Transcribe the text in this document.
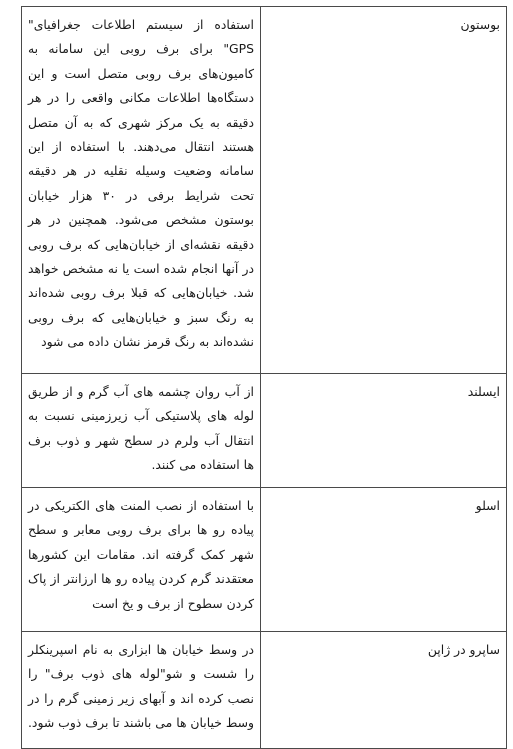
بوستون	استفاده از سیستم اطلاعات جغرافیای" GPS" برای برف روبی این سامانه به کامیون‌های برف روبی متصل است و این دستگاه‌ها اطلاعات مکانی واقعی را در هر دقیقه به یک مرکز شهری که به آن متصل هستند انتقال می‌دهند. با استفاده از این سامانه وضعیت وسیله نقلیه در هر دقیقه تحت شرایط برفی در ۳۰ هزار خیابان بوستون مشخص می‌شود. همچنین در هر دقیقه نقشه‌ای از خیابان‌هایی که برف روبی در آنها انجام شده است یا نه مشخص خواهد شد. خیابان‌هایی که قبلا برف روبی شده‌اند به رنگ سبز و خیابان‌هایی که برف روبی نشده‌اند به رنگ قرمز نشان داده می شود
ایسلند	از آب روان چشمه های آب گرم و از طریق لوله های پلاستیکی آب زیرزمینی نسبت به انتقال آب ولرم در سطح شهر و ذوب برف ها استفاده می کنند.
اسلو	با استفاده از نصب المنت های الکتریکی در پیاده رو ها برای برف روبی معابر و سطح شهر کمک گرفته اند. مقامات این کشورها معتقدند گرم کردن پیاده رو ها ارزانتر از پاک کردن سطوح از برف و یخ است
ساپرو در ژاپن	در وسط خیابان ها ابزاری به نام اسپرینکلر را شست و شو"لوله های ذوب برف" را نصب کرده اند و آبهای زیر زمینی گرم را در وسط خیابان ها می باشند تا برف ذوب شود.
